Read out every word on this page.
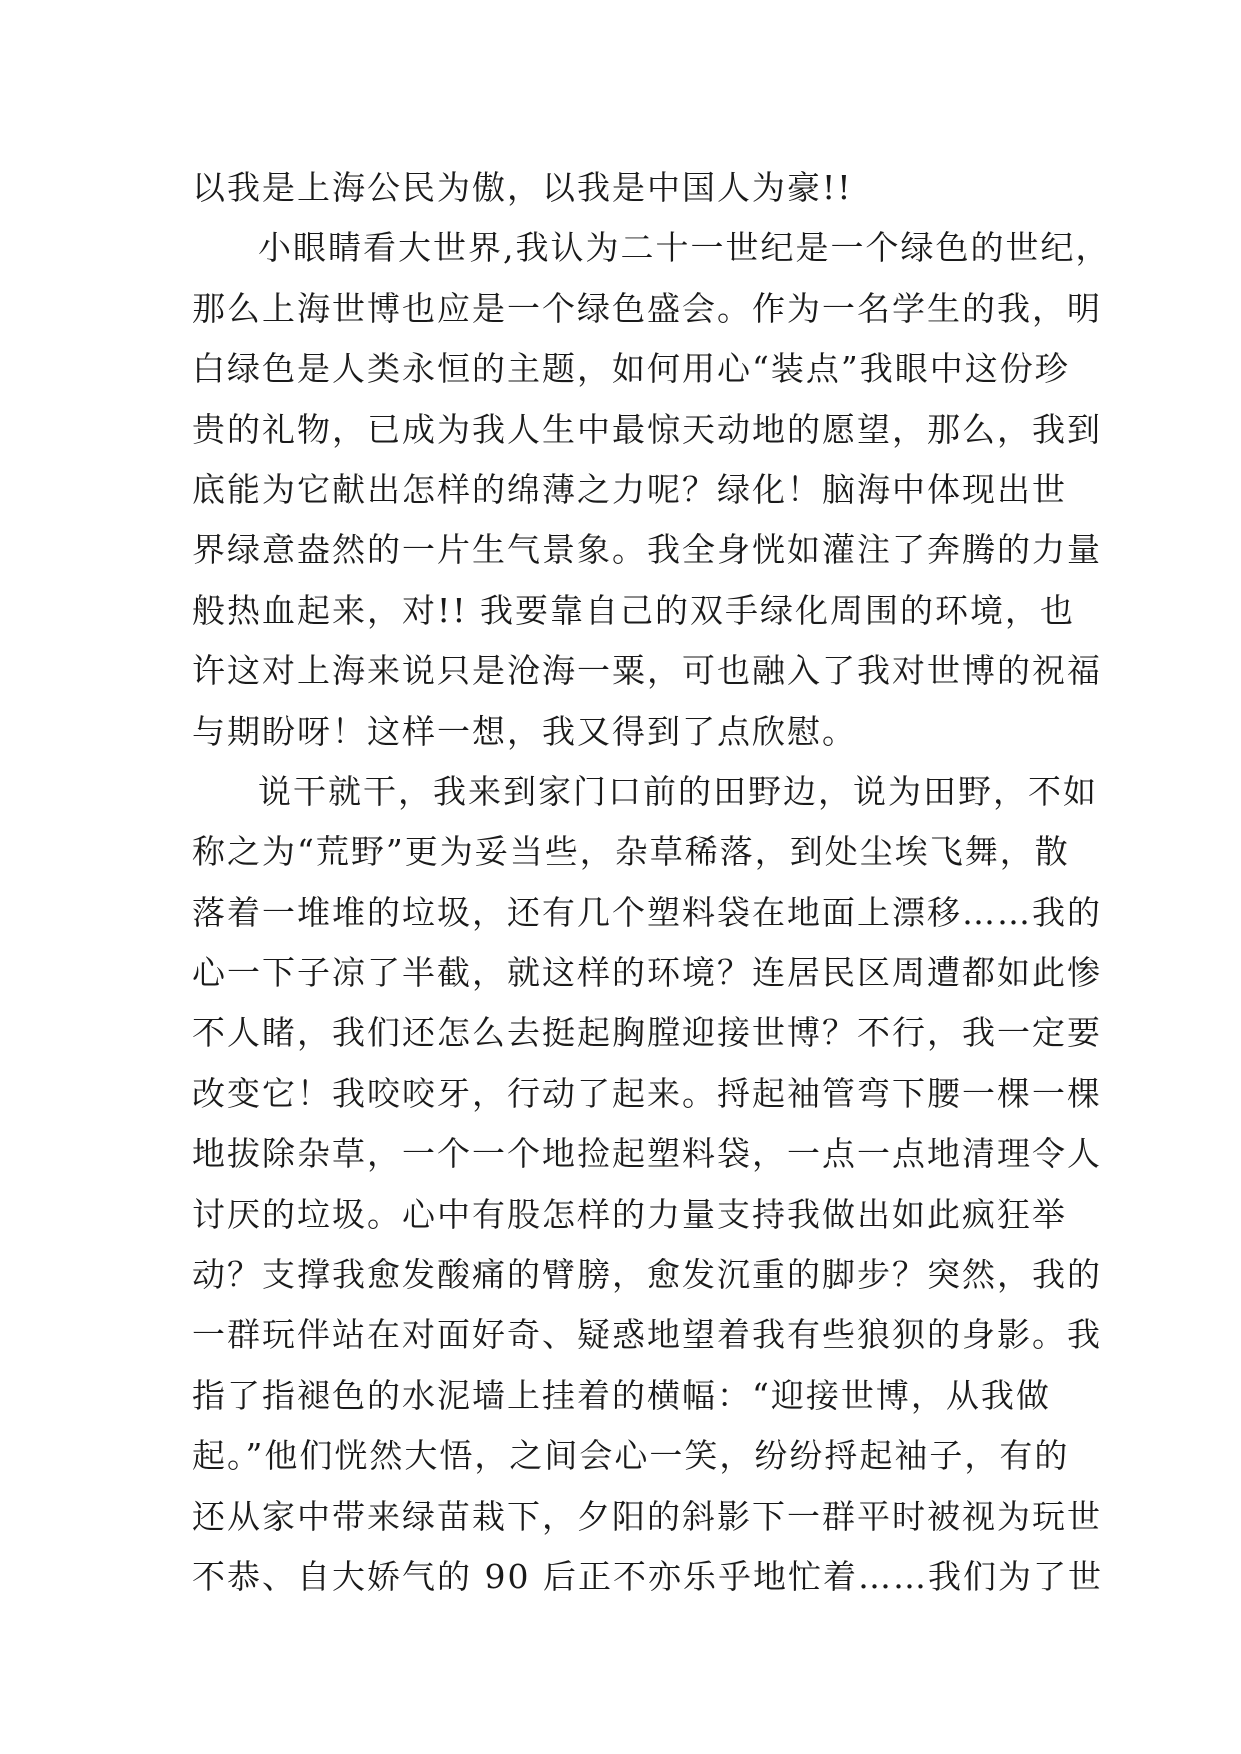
以我是上海公民为傲，以我是中国人为豪!!
小眼睛看大世界,我认为二十一世纪是一个绿色的世纪，
那么上海世博也应是一个绿色盛会。作为一名学生的我，明
白绿色是人类永恒的主题，如何用心“装点”我眼中这份珍
贵的礼物，已成为我人生中最惊天动地的愿望，那么，我到
底能为它献出怎样的绵薄之力呢？绿化！脑海中体现出世
界绿意盎然的一片生气景象。我全身恍如灌注了奔腾的力量
般热血起来，对!! 我要靠自己的双手绿化周围的环境，也
许这对上海来说只是沧海一粟，可也融入了我对世博的祝福
与期盼呀！这样一想，我又得到了点欣慰。
说干就干，我来到家门口前的田野边，说为田野，不如
称之为“荒野”更为妥当些，杂草稀落，到处尘埃飞舞，散
落着一堆堆的垃圾，还有几个塑料袋在地面上漂移……我的
心一下子凉了半截，就这样的环境？连居民区周遭都如此惨
不人睹，我们还怎么去挺起胸膛迎接世博？不行，我一定要
改变它！我咬咬牙，行动了起来。捋起袖管弯下腰一棵一棵
地拔除杂草，一个一个地捡起塑料袋，一点一点地清理令人
讨厌的垃圾。心中有股怎样的力量支持我做出如此疯狂举
动？支撑我愈发酸痛的臂膀，愈发沉重的脚步？突然，我的
一群玩伴站在对面好奇、疑惑地望着我有些狼狈的身影。我
指了指褪色的水泥墙上挂着的横幅：“迎接世博，从我做
起。”他们恍然大悟，之间会心一笑，纷纷捋起袖子，有的
还从家中带来绿苗栽下，夕阳的斜影下一群平时被视为玩世
不恭、自大娇气的 90 后正不亦乐乎地忙着……我们为了世
